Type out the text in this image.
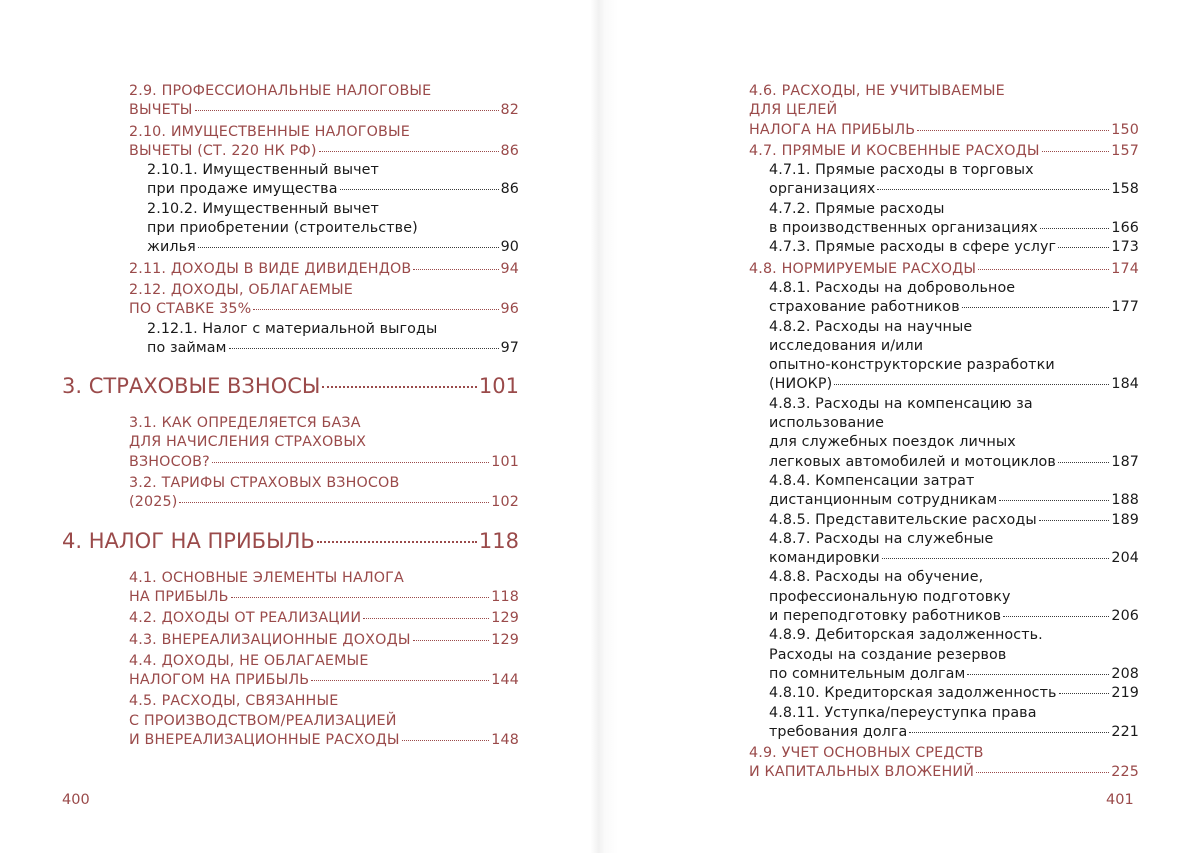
2.9. ПРОФЕССИОНАЛЬНЫЕ НАЛОГОВЫЕ
ВЫЧЕТЫ	82
2.10. ИМУЩЕСТВЕННЫЕ НАЛОГОВЫЕ
ВЫЧЕТЫ (СТ. 220 НК РФ)	86
2.10.1. Имущественный вычет
при продаже имущества	86
2.10.2. Имущественный вычет
при приобретении (строительстве)
жилья	90
2.11. ДОХОДЫ В ВИДЕ ДИВИДЕНДОВ	94
2.12. ДОХОДЫ, ОБЛАГАЕМЫЕ
ПО СТАВКЕ 35%	96
2.12.1. Налог с материальной выгоды
по займам	97
3. СТРАХОВЫЕ ВЗНОСЫ	101
3.1. КАК ОПРЕДЕЛЯЕТСЯ БАЗА
ДЛЯ НАЧИСЛЕНИЯ СТРАХОВЫХ
ВЗНОСОВ?	101
3.2. ТАРИФЫ СТРАХОВЫХ ВЗНОСОВ
(2025)	102
4. НАЛОГ НА ПРИБЫЛЬ	118
4.1. ОСНОВНЫЕ ЭЛЕМЕНТЫ НАЛОГА
НА ПРИБЫЛЬ	118
4.2. ДОХОДЫ ОТ РЕАЛИЗАЦИИ	129
4.3. ВНЕРЕАЛИЗАЦИОННЫЕ ДОХОДЫ	129
4.4. ДОХОДЫ, НЕ ОБЛАГАЕМЫЕ
НАЛОГОМ НА ПРИБЫЛЬ	144
4.5. РАСХОДЫ, СВЯЗАННЫЕ
С ПРОИЗВОДСТВОМ/РЕАЛИЗАЦИЕЙ
И ВНЕРЕАЛИЗАЦИОННЫЕ РАСХОДЫ	148
4.6. РАСХОДЫ, НЕ УЧИТЫВАЕМЫЕ
ДЛЯ ЦЕЛЕЙ
НАЛОГА НА ПРИБЫЛЬ	150
4.7. ПРЯМЫЕ И КОСВЕННЫЕ РАСХОДЫ	157
4.7.1. Прямые расходы в торговых
организациях	158
4.7.2. Прямые расходы
в производственных организациях	166
4.7.3. Прямые расходы в сфере услуг	173
4.8. НОРМИРУЕМЫЕ РАСХОДЫ	174
4.8.1. Расходы на добровольное
страхование работников	177
4.8.2. Расходы на научные
исследования и/или
опытно-конструкторские разработки
(НИОКР)	184
4.8.3. Расходы на компенсацию за
использование
для служебных поездок личных
легковых автомобилей и мотоциклов	187
4.8.4. Компенсации затрат
дистанционным сотрудникам	188
4.8.5. Представительские расходы	189
4.8.7. Расходы на служебные
командировки	204
4.8.8. Расходы на обучение,
профессиональную подготовку
и переподготовку работников	206
4.8.9. Дебиторская задолженность.
Расходы на создание резервов
по сомнительным долгам	208
4.8.10. Кредиторская задолженность	219
4.8.11. Уступка/переуступка права
требования долга	221
4.9. УЧЕТ ОСНОВНЫХ СРЕДСТВ
И КАПИТАЛЬНЫХ ВЛОЖЕНИЙ	225
400	401
